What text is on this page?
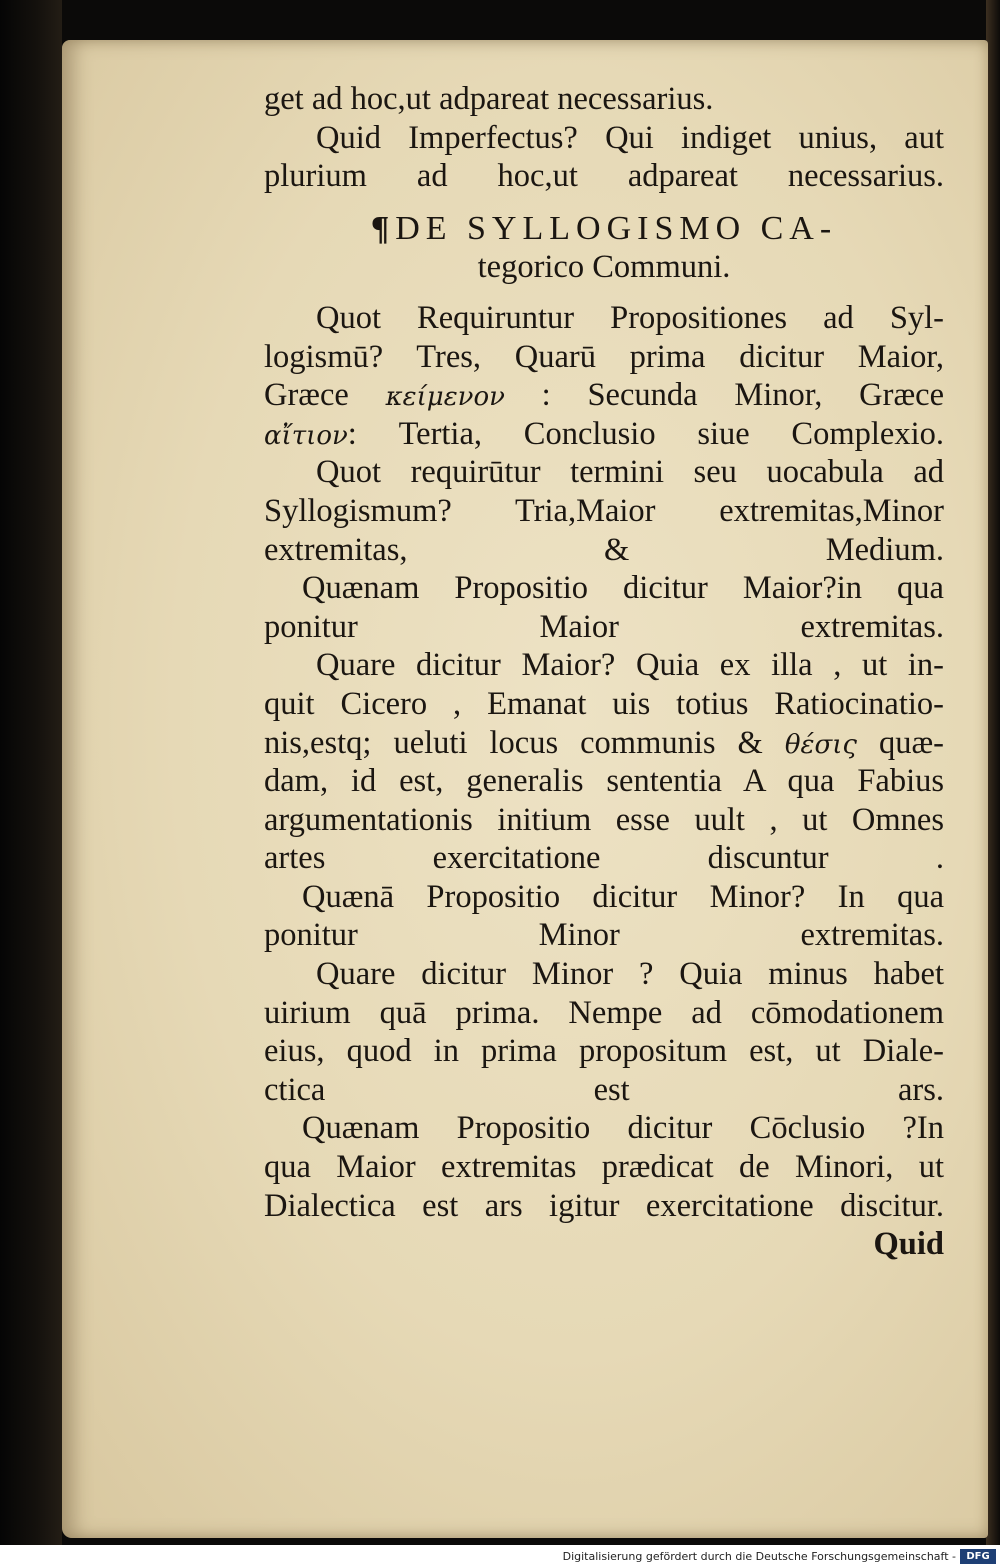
get ad hoc,ut adpareat necessarius.
Quid Imperfectus? Qui indiget unius, aut
plurium ad hoc,ut adpareat necessarius.
¶DE SYLLOGISMO CA-
tegorico Communi.
Quot Requiruntur Propositiones ad Syl-
logismū? Tres, Quarū prima dicitur Maior,
Græce κείμενον : Secunda Minor, Græce
αἴτιον: Tertia, Conclusio siue Complexio.
Quot requirūtur termini seu uocabula ad
Syllogismum? Tria,Maior extremitas,Minor
extremitas, & Medium.
Quænam Propositio dicitur Maior?in qua
ponitur Maior extremitas.
Quare dicitur Maior? Quia ex illa , ut in-
quit Cicero , Emanat uis totius Ratiocinatio-
nis,estq; ueluti locus communis & θέσις quæ-
dam, id est, generalis sententia A qua Fabius
argumentationis initium esse uult , ut Omnes
artes exercitatione discuntur .
Quænā Propositio dicitur Minor? In qua
ponitur Minor extremitas.
Quare dicitur Minor ? Quia minus habet
uirium quā prima. Nempe ad cōmodationem
eius, quod in prima propositum est, ut Diale-
ctica est ars.
Quænam Propositio dicitur Cōclusio ?In
qua Maior extremitas prædicat de Minori, ut
Dialectica est ars igitur exercitatione discitur.
Quid
Digitalisierung gefördert durch die Deutsche Forschungsgemeinschaft -	DFG
